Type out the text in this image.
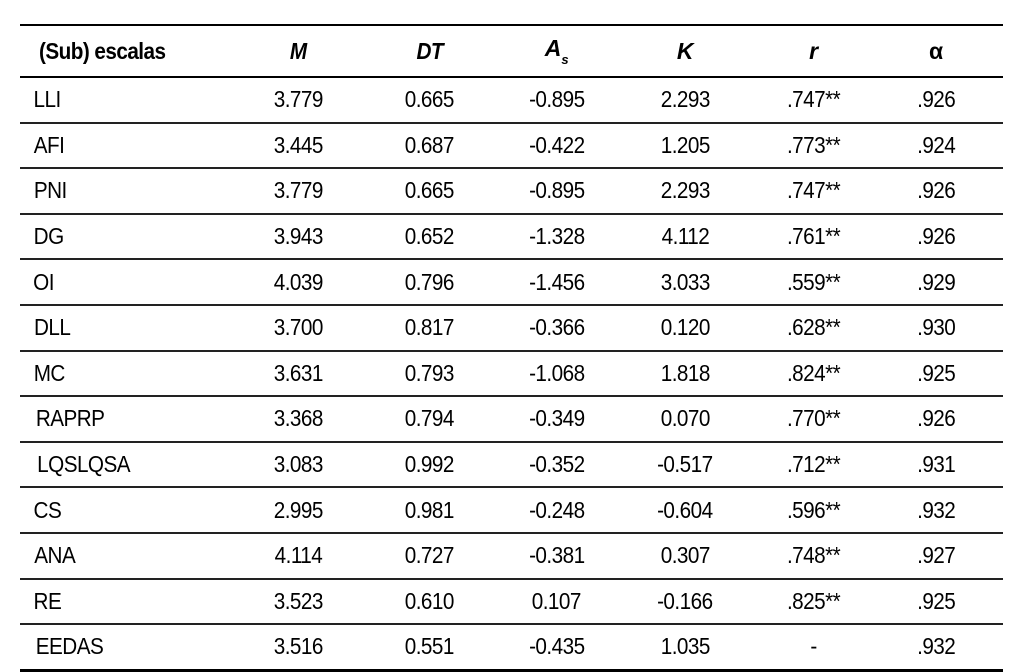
(Sub) escalas	M	DT	$A_s$	K	r	α
LLI	3.779	0.665	-0.895	2.293	.747**	.926
AFI	3.445	0.687	-0.422	1.205	.773**	.924
PNI	3.779	0.665	-0.895	2.293	.747**	.926
DG	3.943	0.652	-1.328	4.112	.761**	.926
OI	4.039	0.796	-1.456	3.033	.559**	.929
DLL	3.700	0.817	-0.366	0.120	.628**	.930
MC	3.631	0.793	-1.068	1.818	.824**	.925
RAPRP	3.368	0.794	-0.349	0.070	.770**	.926
LQSLQSA	3.083	0.992	-0.352	-0.517	.712**	.931
CS	2.995	0.981	-0.248	-0.604	.596**	.932
ANA	4.114	0.727	-0.381	0.307	.748**	.927
RE	3.523	0.610	0.107	-0.166	.825**	.925
EEDAS	3.516	0.551	-0.435	1.035	-	.932
